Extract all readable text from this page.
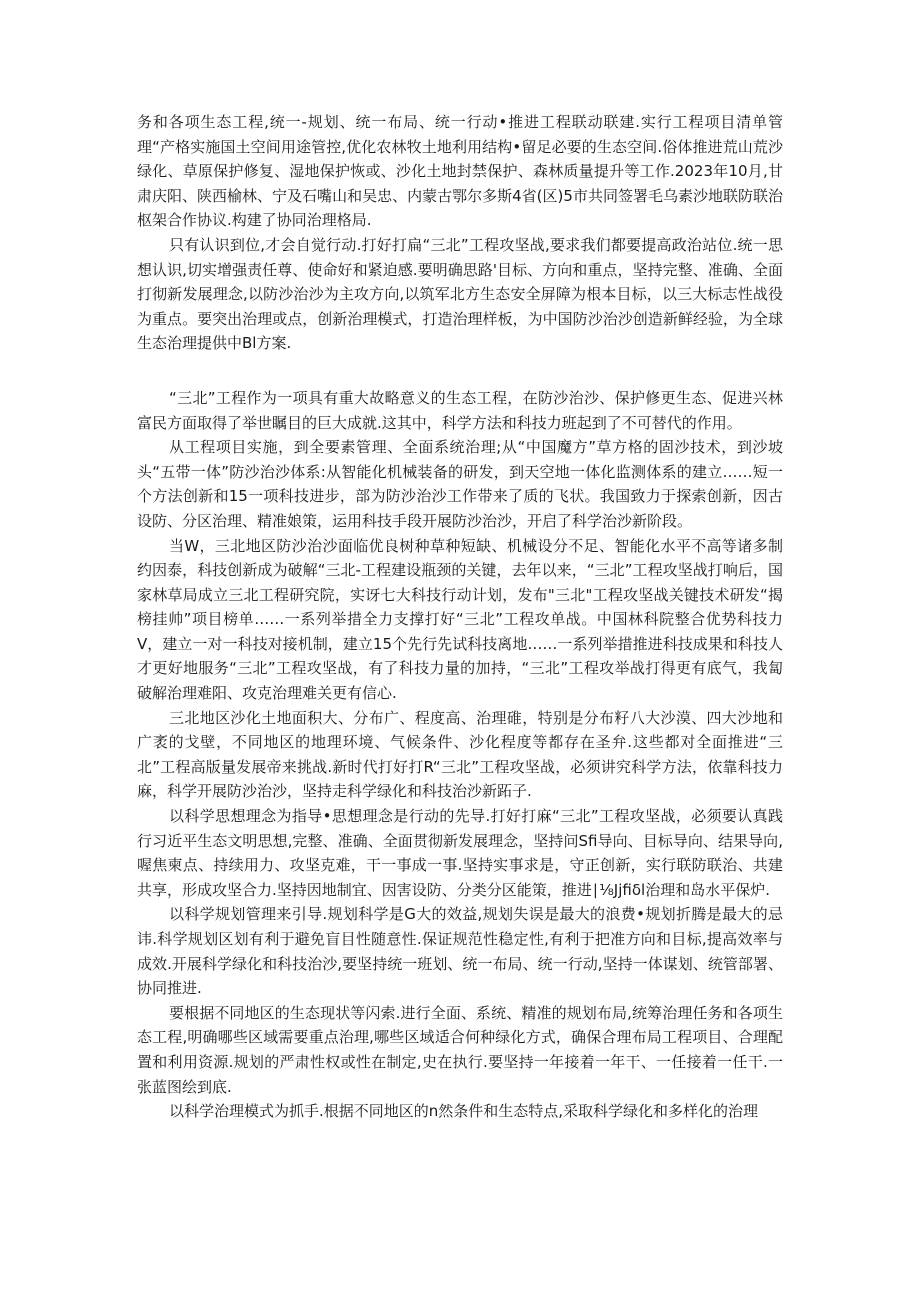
务和各项生态工程,统一-规划、统一布局、统一行动•推进工程联动联建.实行工程项目清单管理“产格实施国土空间用途管控,优化农林牧土地利用结构•留足必要的生态空间.俗体推进荒山荒沙绿化、草原保护修复、湿地保护恢或、沙化土地封禁保护、森林质量提升等工作.2023年10月,甘肃庆阳、陕西榆林、宁及石嘴山和吴忠、内蒙古鄂尔多斯4省(区)5市共同签署毛乌素沙地联防联治枢架合作协议.构建了协同治理格局.

只有认识到位,才会自觉行动.打好打扁“三北”工程攻坚战,要求我们都要提高政治站位.统一思想认识,切实增强责任尊、使命好和紧迫感.要明确思路'目标、方向和重点，坚持完整、准确、全面打彻新发展理念,以防沙治沙为主攻方向,以筑军北方生态安全屏障为根本目标，以三大标志性战役为重点。要突出治理或点，创新治理模式，打造治理样板，为中国防沙治沙创造新鲜经验，为全球生态治理提供中Bl方案.

“三北”工程作为一项具有重大故略意义的生态工程，在防沙治沙、保护修更生态、促进兴林富民方面取得了举世瞩目的巨大成就.这其中，科学方法和科技力班起到了不可替代的作用。

从工程项目实施，到全要素管理、全面系统治理;从“中国魔方”草方格的固沙技术，到沙坡头“五带一体”防沙治沙体系:从智能化机械装备的研发，到天空地一体化监测体系的建立……短一个方法创新和15一项科技进步，部为防沙治沙工作带来了质的飞状。我国致力于探索创新，因古设防、分区治理、精准娘策，运用科技手段开展防沙治沙，开启了科学治沙新阶段。

当W，三北地区防沙治沙面临优良树种草种短缺、机械设分不足、智能化水平不高等诸多制约因泰，科技创新成为破解“三北-工程建设瓶颈的关键，去年以来，“三北”工程攻坚战打响后，国家林草局成立三北工程研究院，实讶七大科技行动计划，发布"三北"工程攻坚战关键技术研发“揭榜挂帅”项目榜单……一系列举措全力支撑打好“三北”工程攻单战。中国林科院整合优势科技力V，建立一对一科技对接机制，建立15个先行先试科技离地……一系列举措推进科技成果和科技人才更好地服务“三北”工程攻坚战，有了科技力量的加持，“三北”工程攻举战打得更有底气，我匐破解治理难阳、攻克治理难关更有信心.

三北地区沙化土地面积大、分布广、程度高、治理碓，特别是分布籽八大沙漠、四大沙地和广袤的戈壁，不同地区的地理环境、气候条件、沙化程度等都存在圣弁.这些都对全面推进“三北”工程高版量发展帝来挑战.新时代打好打R“三北”工程攻坚战，必须讲究科学方法，依靠科技力麻，科学开展防沙治沙，坚持走科学绿化和科技治沙新跖子.

以科学思想理念为指导•思想理念是行动的先导.打好打麻“三北”工程攻坚战，必须要认真践行习近平生态文明思想,完整、准确、全面贯彻新发展理念，坚持问Sfi导向、目标导向、结果导向,喔焦柬点、持续用力、攻坚克难，干一事成一事.坚持实事求是，守正创新，实行联防联治、共建共享，形成攻坚合力.坚持因地制宜、因害设防、分类分区能策，推进∣⅛Jjfiδl治理和岛水平保炉.

以科学规划管理来引导.规划科学是G大的效益,规划失误是最大的浪费•规划折腾是最大的忌讳.科学规划区划有利于避免盲目性随意性.保证规范性稳定性,有利于把准方向和目标,提高效率与成效.开展科学绿化和科技治沙,要坚持统一班划、统一布局、统一行动,坚持一体谋划、统管部署、协同推进.

要根据不同地区的生态现状等闪索.进行全面、系统、精准的规划布局,统筹治理任务和各项生态工程,明确哪些区域需要重点治理,哪些区域适合何种绿化方式，确保合理布局工程项目、合理配置和利用资源.规划的严肃性权或性在制定,史在执行.要坚持一年接着一年干、一任接着一任干.一张蓝图绘到底.

以科学治理模式为抓手.根据不同地区的n然条件和生态特点,采取科学绿化和多样化的治理
